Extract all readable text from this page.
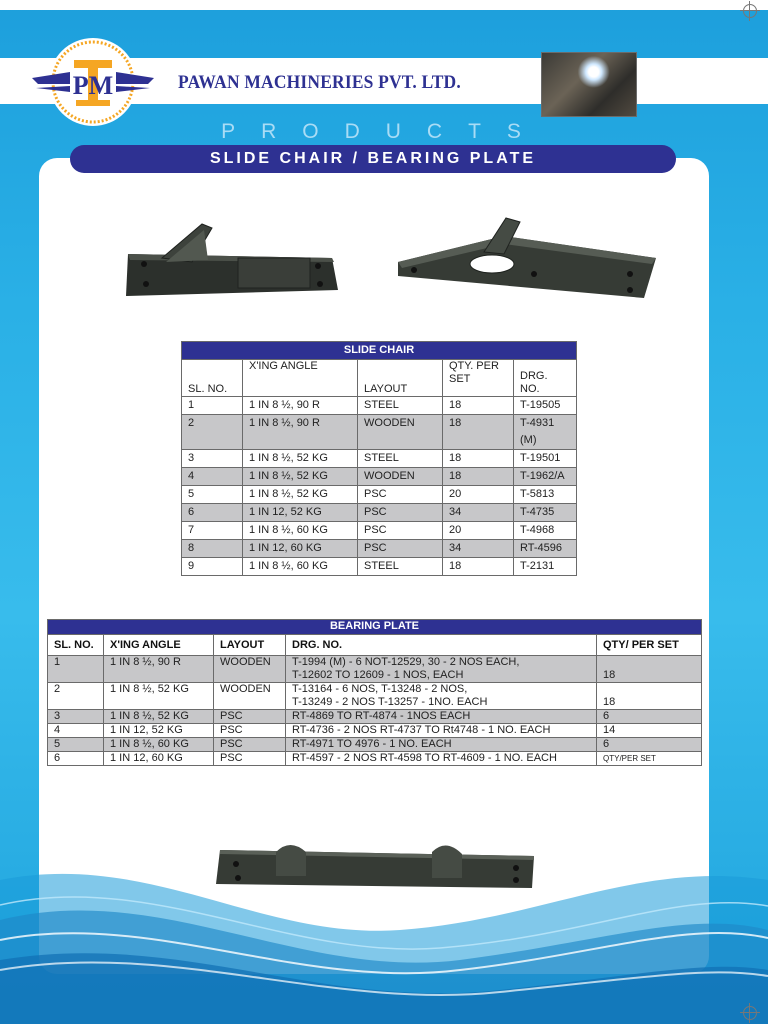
PM	PAWAN MACHINERIES PVT. LTD.
PRODUCTS
SLIDE CHAIR / BEARING PLATE
SLIDE CHAIR				
SL. NO.	X'ING ANGLE	LAYOUT	QTY. PER SET	DRG. NO.
1	1 IN 8 ½, 90 R	STEEL	18	T-19505
2	1 IN 8 ½, 90 R	WOODEN	18	T-4931 (M)
3	1 IN 8 ½, 52 KG	STEEL	18	T-19501
4	1 IN 8 ½, 52 KG	WOODEN	18	T-1962/A
5	1 IN 8 ½, 52 KG	PSC	20	T-5813
6	1 IN 12, 52 KG	PSC	34	T-4735
7	1 IN 8 ½, 60 KG	PSC	20	T-4968
8	1 IN 12, 60 KG	PSC	34	RT-4596
9	1 IN 8 ½, 60 KG	STEEL	18	T-2131
BEARING PLATE				
SL. NO.	X'ING ANGLE	LAYOUT	DRG. NO.	QTY/ PER SET
1	1 IN 8 ½, 90 R	WOODEN	T-1994 (M) - 6 NOT-12529, 30 - 2 NOS EACH,
T-12602 TO 12609 - 1 NOS, EACH	18
2	1 IN 8 ½, 52 KG	WOODEN	T-13164 - 6 NOS, T-13248 - 2 NOS,
T-13249 - 2 NOS T-13257 - 1NO. EACH	18
3	1 IN 8 ½, 52 KG	PSC	RT-4869 TO RT-4874 - 1NOS EACH	6
4	1 IN 12, 52 KG	PSC	RT-4736 - 2 NOS RT-4737 TO Rt4748 - 1 NO. EACH	14
5	1 IN 8 ½, 60 KG	PSC	RT-4971 TO 4976 - 1 NO. EACH	6
6	1 IN 12, 60 KG	PSC	RT-4597 - 2 NOS RT-4598 TO RT-4609 - 1 NO. EACH	QTY/PER SET
